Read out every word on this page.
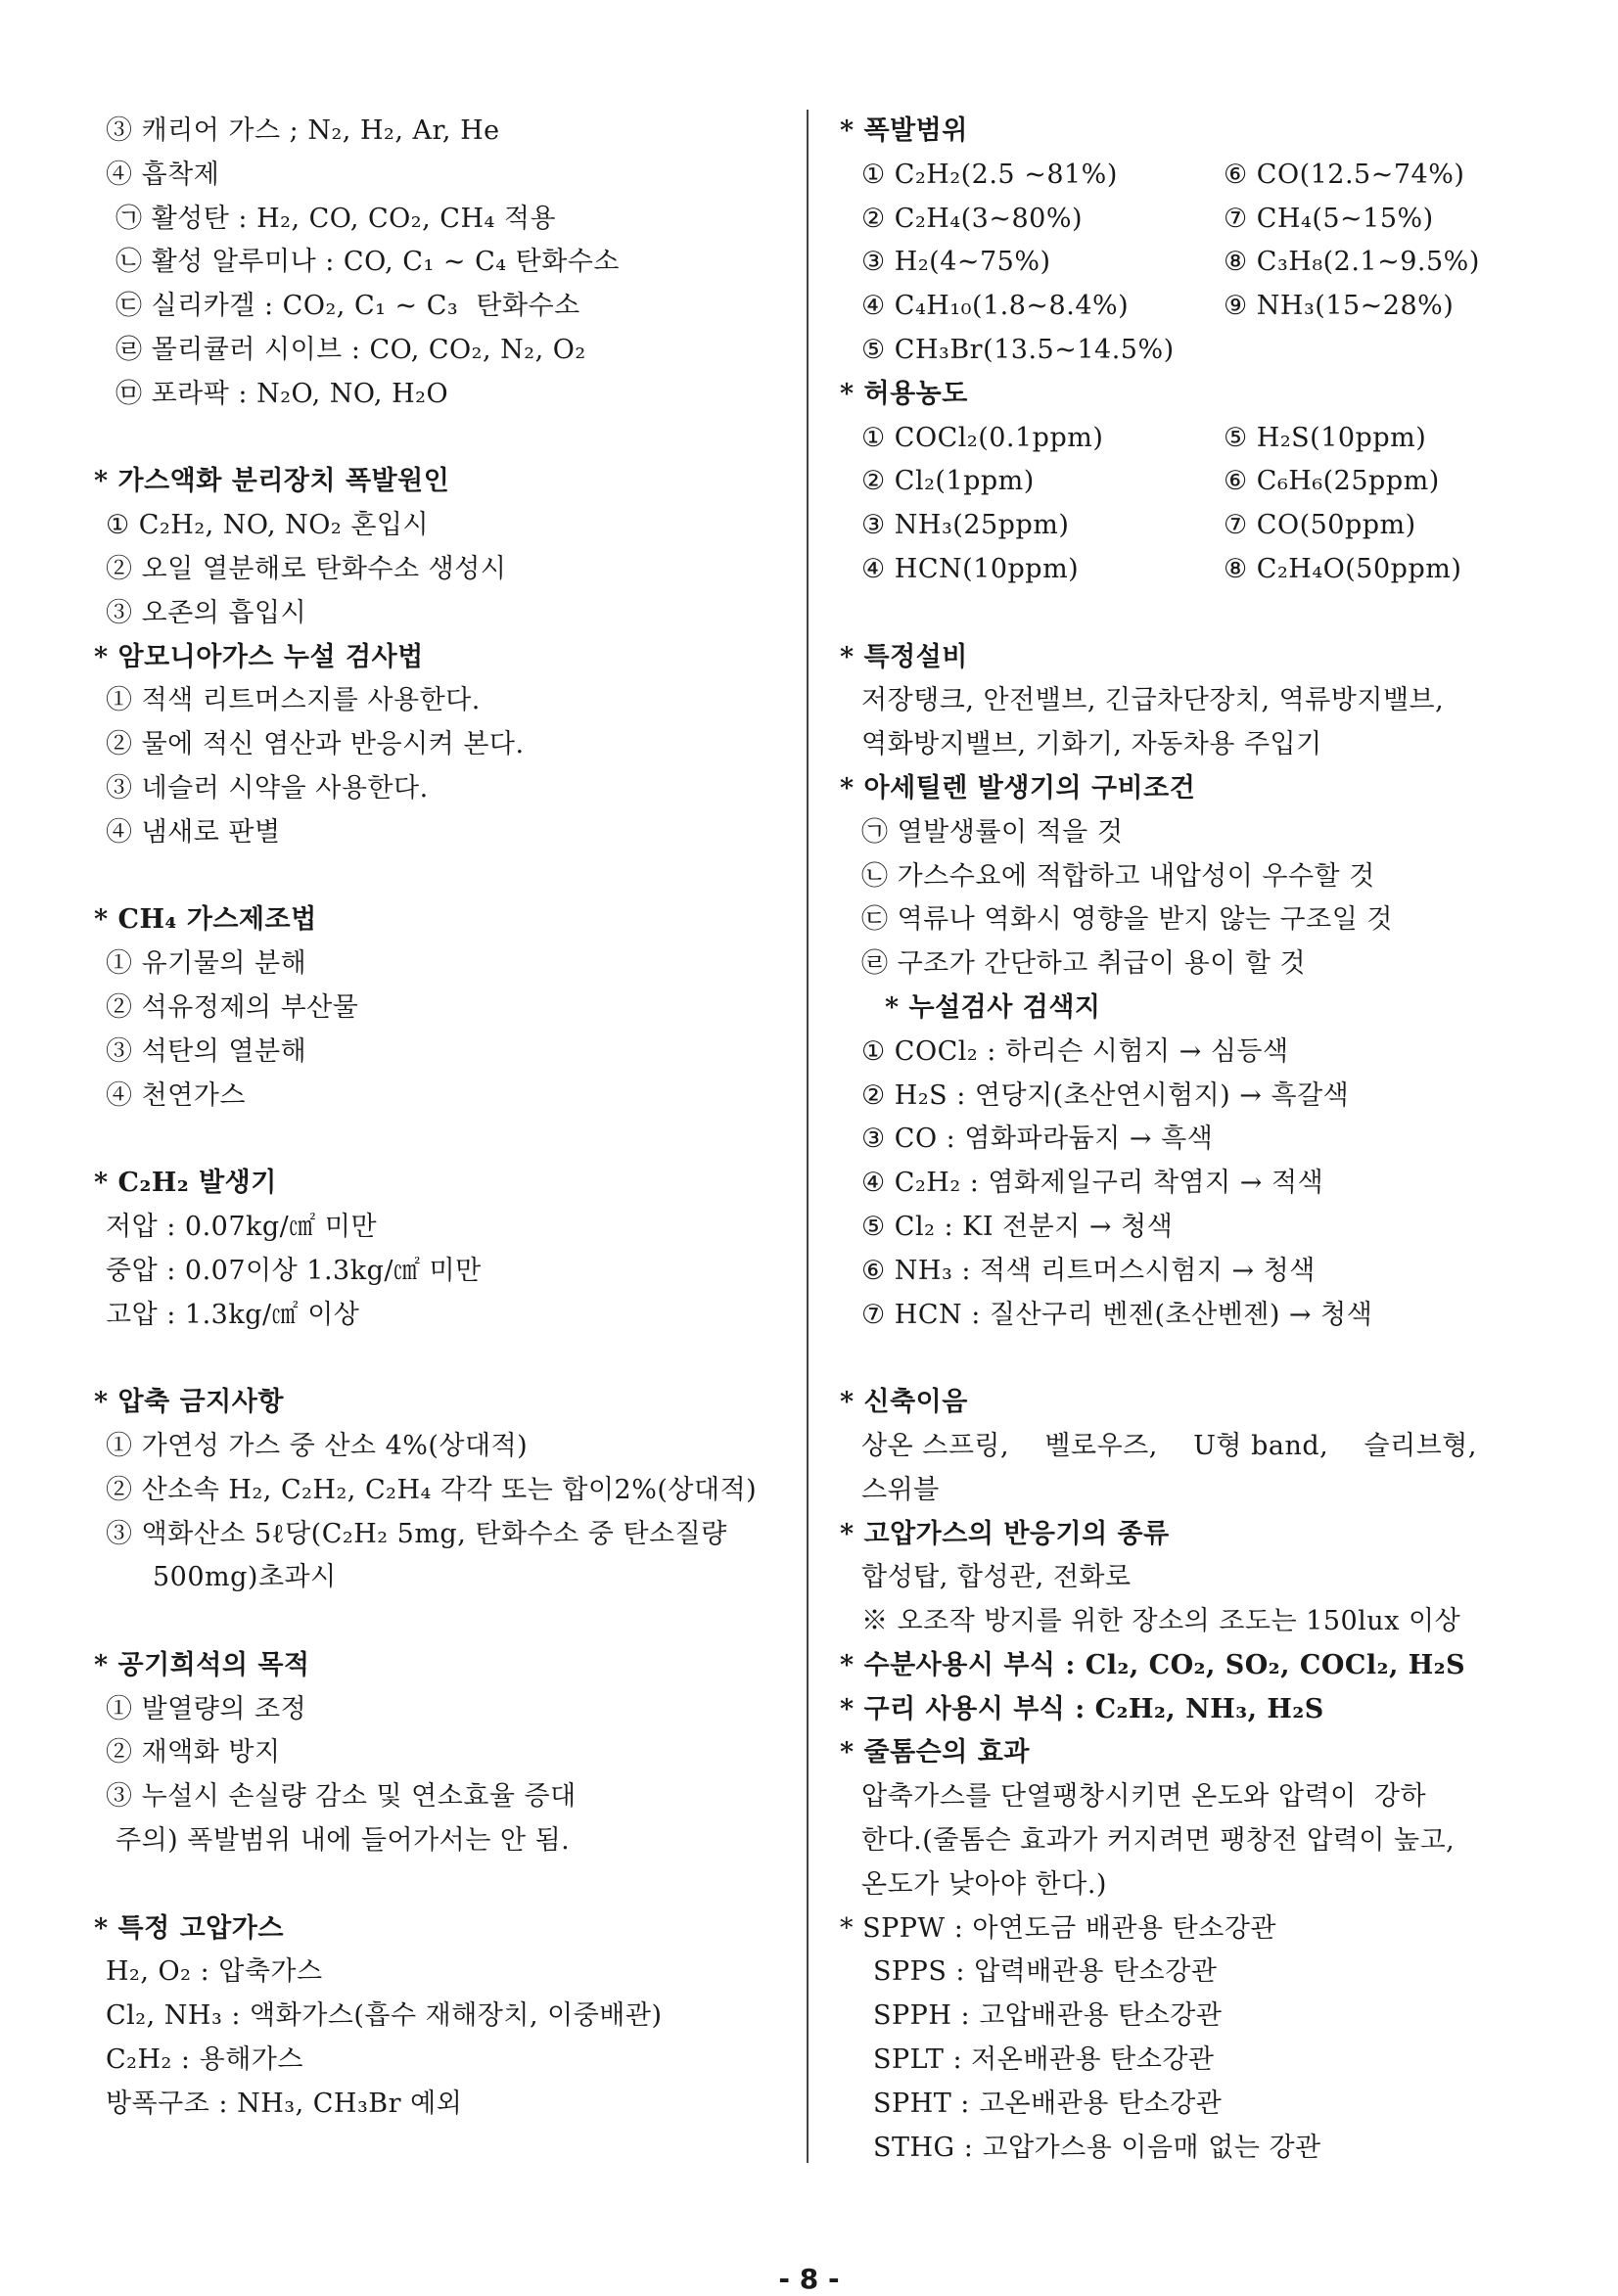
③ 캐리어 가스 ; N₂, H₂, Ar, He
④ 흡착제
㉠ 활성탄 : H₂, CO, CO₂, CH₄ 적용
㉡ 활성 알루미나 : CO, C₁ ~ C₄ 탄화수소
㉢ 실리카겔 : CO₂, C₁ ~ C₃  탄화수소
㉣ 몰리큘러 시이브 : CO, CO₂, N₂, O₂
㉤ 포라팍 : N₂O, NO, H₂O
* 가스액화 분리장치 폭발원인
① C₂H₂, NO, NO₂ 혼입시
② 오일 열분해로 탄화수소 생성시
③ 오존의 흡입시
* 암모니아가스 누설 검사법
① 적색 리트머스지를 사용한다.
② 물에 적신 염산과 반응시켜 본다.
③ 네슬러 시약을 사용한다.
④ 냄새로 판별
* CH₄ 가스제조법
① 유기물의 분해
② 석유정제의 부산물
③ 석탄의 열분해
④ 천연가스
* C₂H₂ 발생기
저압 : 0.07kg/㎠ 미만
중압 : 0.07이상 1.3kg/㎠ 미만
고압 : 1.3kg/㎠ 이상
* 압축 금지사항
① 가연성 가스 중 산소 4%(상대적)
② 산소속 H₂, C₂H₂, C₂H₄ 각각 또는 합이2%(상대적)
③ 액화산소 5ℓ당(C₂H₂ 5mg, 탄화수소 중 탄소질량
500mg)초과시
* 공기희석의 목적
① 발열량의 조정
② 재액화 방지
③ 누설시 손실량 감소 및 연소효율 증대
주의) 폭발범위 내에 들어가서는 안 됨.
* 특정 고압가스
H₂, O₂ : 압축가스
Cl₂, NH₃ : 액화가스(흡수 재해장치, 이중배관)
C₂H₂ : 용해가스
방폭구조 : NH₃, CH₃Br 예외
* 폭발범위
① C₂H₂(2.5 ~81%)	⑥ CO(12.5~74%)
② C₂H₄(3~80%)	⑦ CH₄(5~15%)
③ H₂(4~75%)	⑧ C₃H₈(2.1~9.5%)
④ C₄H₁₀(1.8~8.4%)	⑨ NH₃(15~28%)
⑤ CH₃Br(13.5~14.5%)
* 허용농도
① COCl₂(0.1ppm)	⑤ H₂S(10ppm)
② Cl₂(1ppm)	⑥ C₆H₆(25ppm)
③ NH₃(25ppm)	⑦ CO(50ppm)
④ HCN(10ppm)	⑧ C₂H₄O(50ppm)
* 특정설비
저장탱크, 안전밸브, 긴급차단장치, 역류방지밸브,
역화방지밸브, 기화기, 자동차용 주입기
* 아세틸렌 발생기의 구비조건
㉠ 열발생률이 적을 것
㉡ 가스수요에 적합하고 내압성이 우수할 것
㉢ 역류나 역화시 영향을 받지 않는 구조일 것
㉣ 구조가 간단하고 취급이 용이 할 것
* 누설검사 검색지
① COCl₂ : 하리슨 시험지 → 심등색
② H₂S : 연당지(초산연시험지) → 흑갈색
③ CO : 염화파라듐지 → 흑색
④ C₂H₂ : 염화제일구리 착염지 → 적색
⑤ Cl₂ : KI 전분지 → 청색
⑥ NH₃ : 적색 리트머스시험지 → 청색
⑦ HCN : 질산구리 벤젠(초산벤젠) → 청색
* 신축이음
상온 스프링,    벨로우즈,    U형 band,    슬리브형,
스위블
* 고압가스의 반응기의 종류
합성탑, 합성관, 전화로
※ 오조작 방지를 위한 장소의 조도는 150lux 이상
* 수분사용시 부식 : Cl₂, CO₂, SO₂, COCl₂, H₂S
* 구리 사용시 부식 : C₂H₂, NH₃, H₂S
* 줄톰슨의 효과
압축가스를 단열팽창시키면 온도와 압력이  강하
한다.(줄톰슨 효과가 커지려면 팽창전 압력이 높고,
온도가 낮아야 한다.)
* SPPW : 아연도금 배관용 탄소강관
SPPS : 압력배관용 탄소강관
SPPH : 고압배관용 탄소강관
SPLT : 저온배관용 탄소강관
SPHT : 고온배관용 탄소강관
STHG : 고압가스용 이음매 없는 강관
- 8 -
